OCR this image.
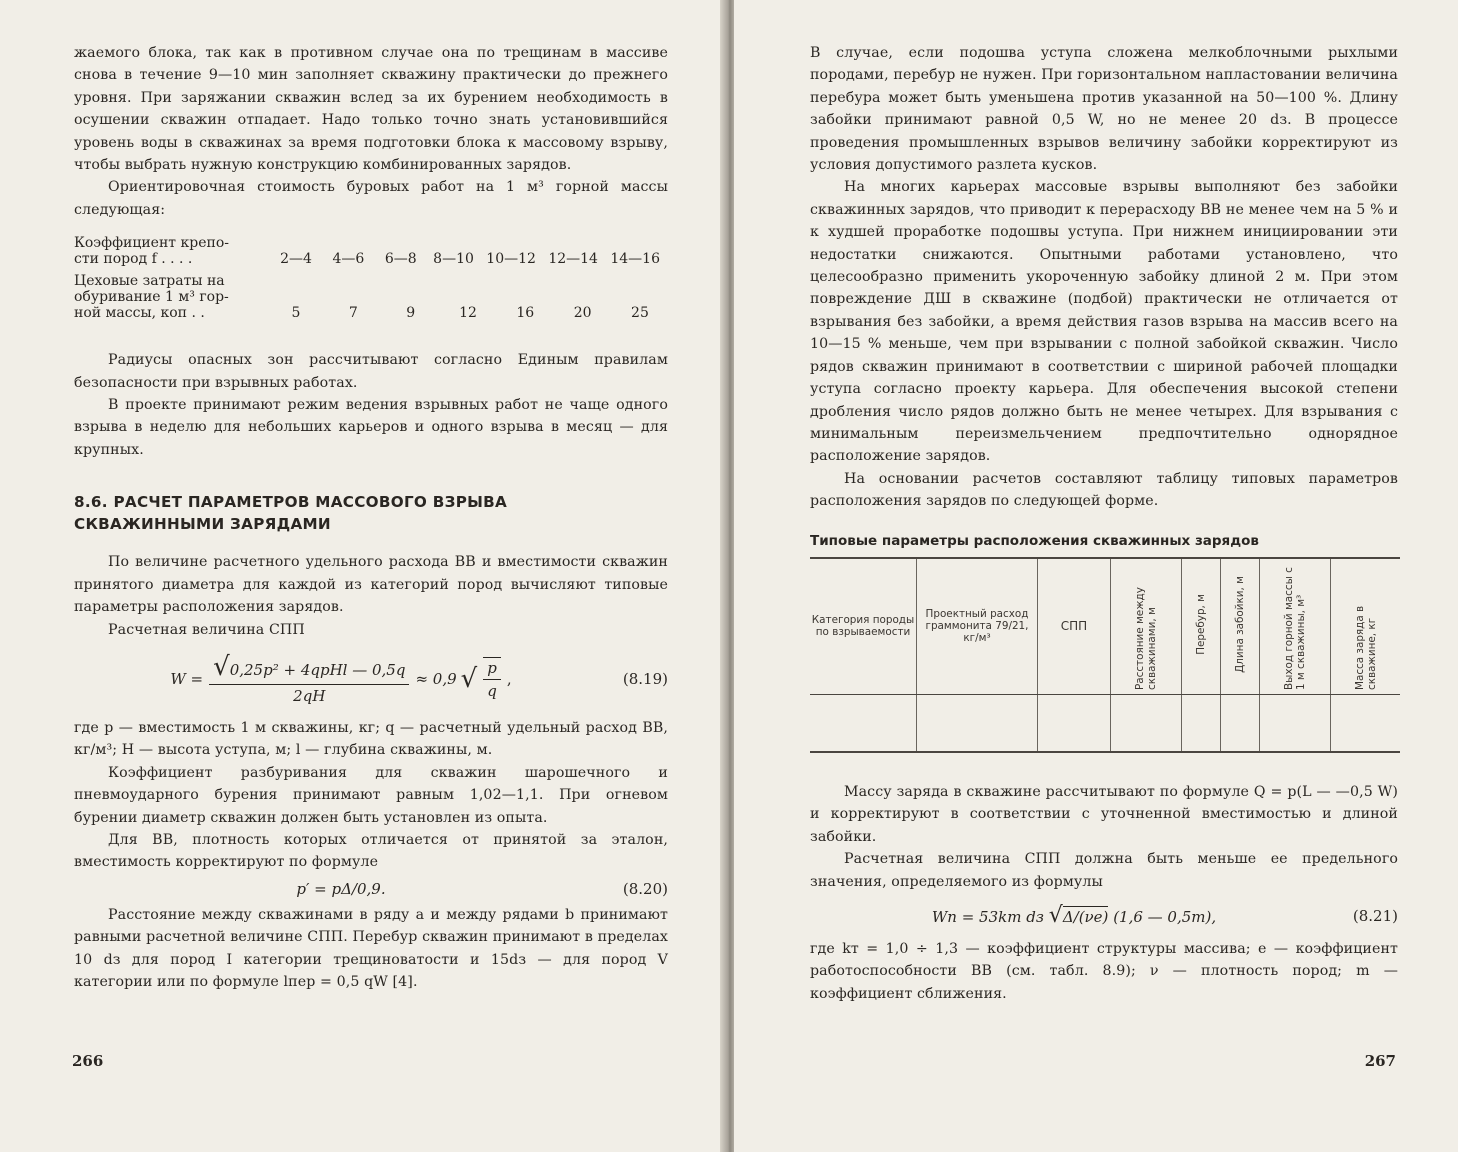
жаемого блока, так как в противном случае она по трещинам в массиве снова в течение 9—10 мин заполняет скважину практически до прежнего уровня. При заряжании скважин вслед за их бурением необходимость в осушении скважин отпадает. Надо только точно знать установившийся уровень воды в скважинах за время подготовки блока к массовому взрыву, чтобы выбрать нужную конструкцию комбинированных зарядов.

Ориентировочная стоимость буровых работ на 1 м³ горной массы следующая:

Коэффициент крепо-
сти пород f . . . .	2—4 4—6 6—8 8—10 10—12 12—14 14—16
Цеховые затраты на
обуривание 1 м³ гор-
ной массы, коп . .	5	7	9	12	16	20	25

Радиусы опасных зон рассчитывают согласно Единым правилам безопасности при взрывных работах.

В проекте принимают режим ведения взрывных работ не чаще одного взрыва в неделю для небольших карьеров и одного взрыва в месяц — для крупных.

8.6. РАСЧЕТ ПАРАМЕТРОВ МАССОВОГО ВЗРЫВА
СКВАЖИННЫМИ ЗАРЯДАМИ

По величине расчетного удельного расхода ВВ и вместимости скважин принятого диаметра для каждой из категорий пород вычисляют типовые параметры расположения зарядов.

Расчетная величина СПП

$W = \frac{\text{√0,25p² + 4qpHl — 0,5q}}{2qH} \approx 0,9$ √ $\frac{p}{q}$ ,	(8.19)

где p — вместимость 1 м скважины, кг; q — расчетный удельный расход ВВ, кг/м³; H — высота уступа, м; l — глубина скважины, м.

Коэффициент разбуривания для скважин шарошечного и пневмоударного бурения принимают равным 1,02—1,1. При огневом бурении диаметр скважин должен быть установлен из опыта.

Для ВВ, плотность которых отличается от принятой за эталон, вместимость корректируют по формуле

p′ = pΔ/0,9.	(8.20)

Расстояние между скважинами в ряду a и между рядами b принимают равными расчетной величине СПП. Перебур скважин принимают в пределах 10 dз для пород I категории трещиноватости и 15dз — для пород V категории или по формуле lпер = 0,5 qW [4].

266

В случае, если подошва уступа сложена мелкоблочными рыхлыми породами, перебур не нужен. При горизонтальном напластовании величина перебура может быть уменьшена против указанной на 50—100 %. Длину забойки принимают равной 0,5 W, но не менее 20 dз. В процессе проведения промышленных взрывов величину забойки корректируют из условия допустимого разлета кусков.

На многих карьерах массовые взрывы выполняют без забойки скважинных зарядов, что приводит к перерасходу ВВ не менее чем на 5 % и к худшей проработке подошвы уступа. При нижнем инициировании эти недостатки снижаются. Опытными работами установлено, что целесообразно применить укороченную забойку длиной 2 м. При этом повреждение ДШ в скважине (подбой) практически не отличается от взрывания без забойки, а время действия газов взрыва на массив всего на 10—15 % меньше, чем при взрывании с полной забойкой скважин. Число рядов скважин принимают в соответствии с шириной рабочей площадки уступа согласно проекту карьера. Для обеспечения высокой степени дробления число рядов должно быть не менее четырех. Для взрывания с минимальным переизмельчением предпочтительно однорядное расположение зарядов.

На основании расчетов составляют таблицу типовых параметров расположения зарядов по следующей форме.

Типовые параметры расположения скважинных зарядов
Категория породы по взрываемости	Проектный расход граммонита 79/21, кг/м³	СПП	Расстояние между скважинами, м	Перебур, м	Длина забойки, м	Выход горной массы с 1 м скважины, м³	Масса заряда в скважине, кг

Массу заряда в скважине рассчитывают по формуле Q = p(L — —0,5 W) и корректируют в соответствии с уточненной вместимостью и длиной забойки.

Расчетная величина СПП должна быть меньше ее предельного значения, определяемого из формулы

Wп = 53kт dз √Δ/(νe) (1,6 — 0,5m),	(8.21)

где kт = 1,0 ÷ 1,3 — коэффициент структуры массива; e — коэффициент работоспособности ВВ (см. табл. 8.9); ν — плотность пород; m — коэффициент сближения.

267
